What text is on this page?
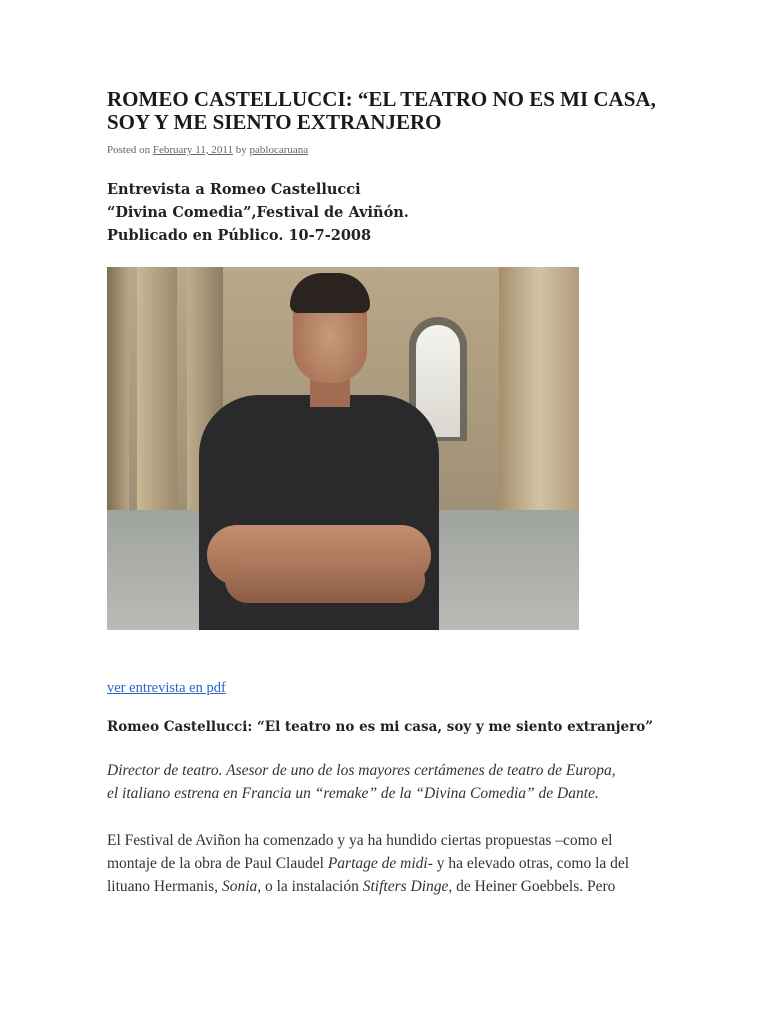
ROMEO CASTELLUCCI: “EL TEATRO NO ES MI CASA, SOY Y ME SIENTO EXTRANJERO
Posted on February 11, 2011 by pablocaruana
Entrevista a Romeo Castellucci
“Divina Comedia”,Festival de Aviñón.
Publicado en Público. 10-7-2008
ver entrevista en pdf
Romeo Castellucci: “El teatro no es mi casa, soy y me siento extranjero”
Director de teatro. Asesor de uno de los mayores certámenes de teatro de Europa,
el italiano estrena en Francia un “remake” de la “Divina Comedia” de Dante.
El Festival de Aviñon ha comenzado y ya ha hundido ciertas propuestas –como el
montaje de la obra de Paul Claudel Partage de midi- y ha elevado otras, como la del
lituano Hermanis, Sonia, o la instalación Stifters Dinge, de Heiner Goebbels. Pero
